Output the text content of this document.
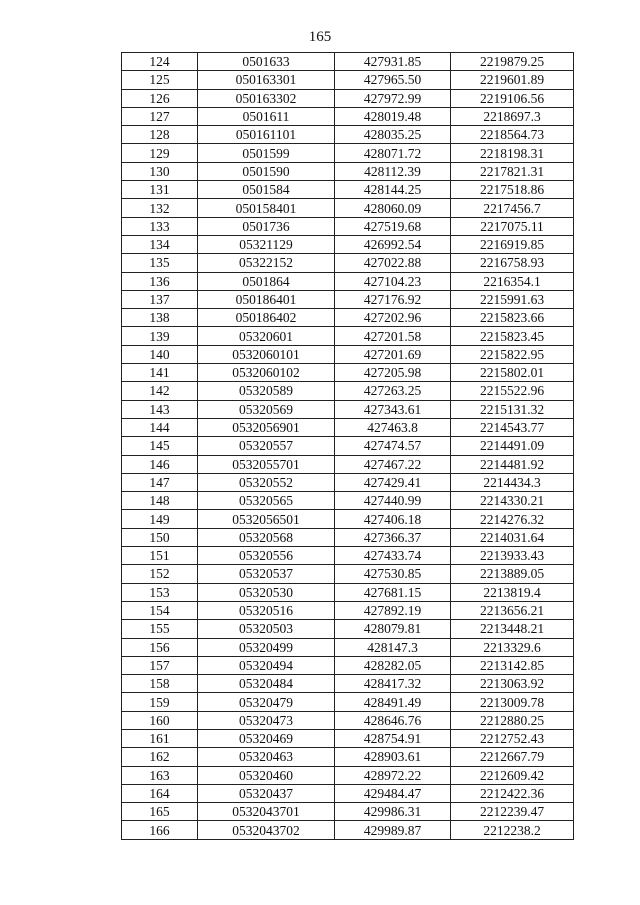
165
124	0501633	427931.85	2219879.25
125	050163301	427965.50	2219601.89
126	050163302	427972.99	2219106.56
127	0501611	428019.48	2218697.3
128	050161101	428035.25	2218564.73
129	0501599	428071.72	2218198.31
130	0501590	428112.39	2217821.31
131	0501584	428144.25	2217518.86
132	050158401	428060.09	2217456.7
133	0501736	427519.68	2217075.11
134	05321129	426992.54	2216919.85
135	05322152	427022.88	2216758.93
136	0501864	427104.23	2216354.1
137	050186401	427176.92	2215991.63
138	050186402	427202.96	2215823.66
139	05320601	427201.58	2215823.45
140	0532060101	427201.69	2215822.95
141	0532060102	427205.98	2215802.01
142	05320589	427263.25	2215522.96
143	05320569	427343.61	2215131.32
144	0532056901	427463.8	2214543.77
145	05320557	427474.57	2214491.09
146	0532055701	427467.22	2214481.92
147	05320552	427429.41	2214434.3
148	05320565	427440.99	2214330.21
149	0532056501	427406.18	2214276.32
150	05320568	427366.37	2214031.64
151	05320556	427433.74	2213933.43
152	05320537	427530.85	2213889.05
153	05320530	427681.15	2213819.4
154	05320516	427892.19	2213656.21
155	05320503	428079.81	2213448.21
156	05320499	428147.3	2213329.6
157	05320494	428282.05	2213142.85
158	05320484	428417.32	2213063.92
159	05320479	428491.49	2213009.78
160	05320473	428646.76	2212880.25
161	05320469	428754.91	2212752.43
162	05320463	428903.61	2212667.79
163	05320460	428972.22	2212609.42
164	05320437	429484.47	2212422.36
165	0532043701	429986.31	2212239.47
166	0532043702	429989.87	2212238.2
